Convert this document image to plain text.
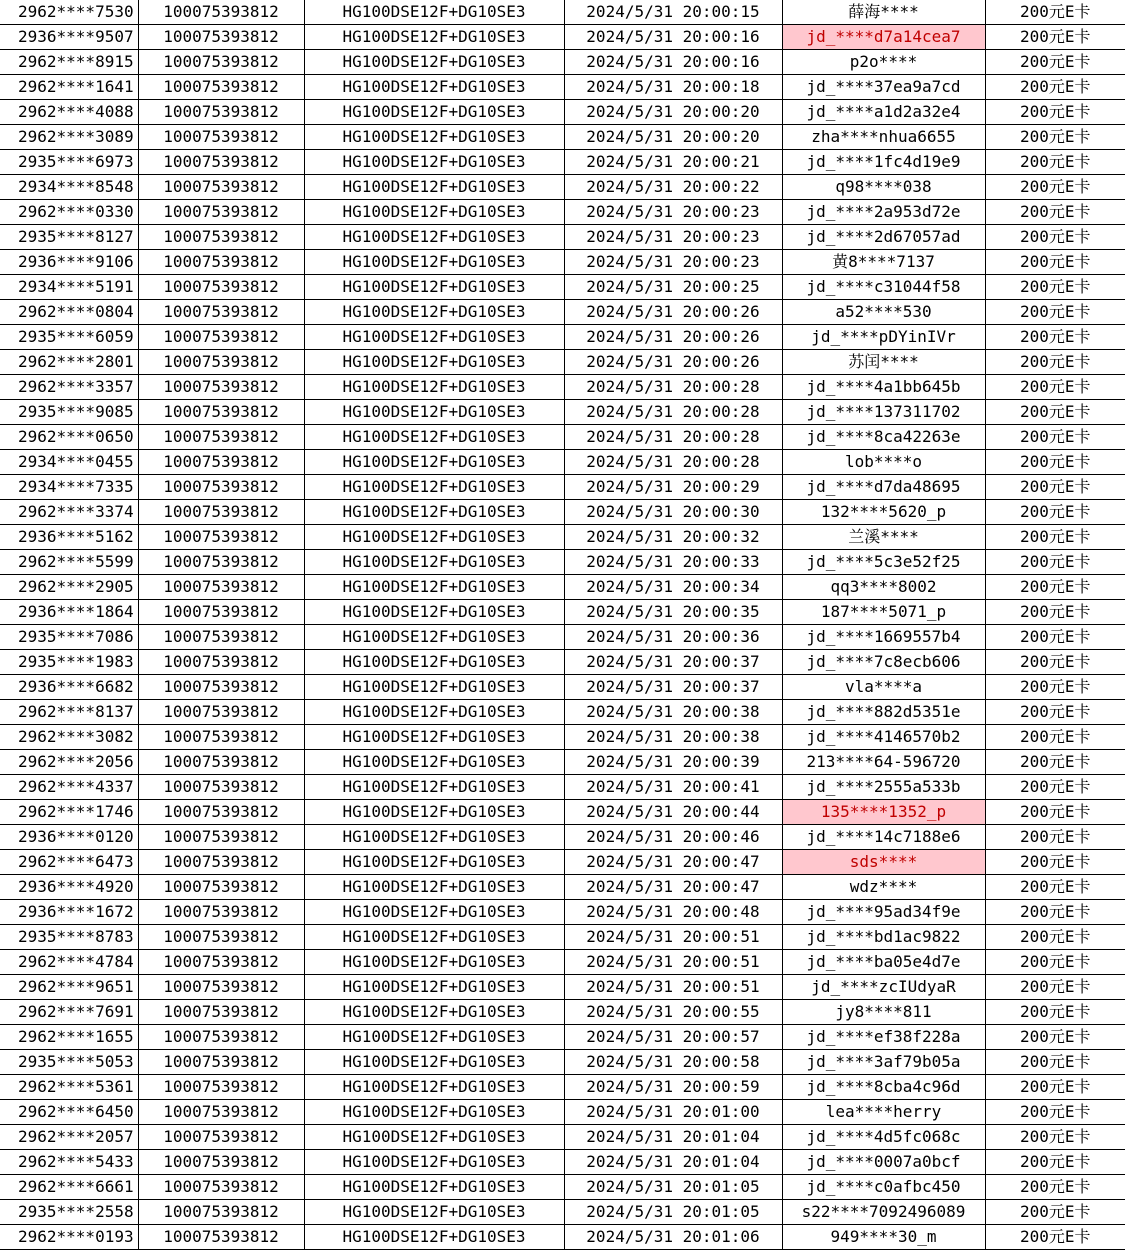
2962****7530	100075393812	HG100DSE12F+DG10SE3	2024/5/31 20:00:15	薛海****	200元E卡
2936****9507	100075393812	HG100DSE12F+DG10SE3	2024/5/31 20:00:16	jd_****d7a14cea7	200元E卡
2962****8915	100075393812	HG100DSE12F+DG10SE3	2024/5/31 20:00:16	p2o****	200元E卡
2962****1641	100075393812	HG100DSE12F+DG10SE3	2024/5/31 20:00:18	jd_****37ea9a7cd	200元E卡
2962****4088	100075393812	HG100DSE12F+DG10SE3	2024/5/31 20:00:20	jd_****a1d2a32e4	200元E卡
2962****3089	100075393812	HG100DSE12F+DG10SE3	2024/5/31 20:00:20	zha****nhua6655	200元E卡
2935****6973	100075393812	HG100DSE12F+DG10SE3	2024/5/31 20:00:21	jd_****1fc4d19e9	200元E卡
2934****8548	100075393812	HG100DSE12F+DG10SE3	2024/5/31 20:00:22	q98****038	200元E卡
2962****0330	100075393812	HG100DSE12F+DG10SE3	2024/5/31 20:00:23	jd_****2a953d72e	200元E卡
2935****8127	100075393812	HG100DSE12F+DG10SE3	2024/5/31 20:00:23	jd_****2d67057ad	200元E卡
2936****9106	100075393812	HG100DSE12F+DG10SE3	2024/5/31 20:00:23	黄8****7137	200元E卡
2934****5191	100075393812	HG100DSE12F+DG10SE3	2024/5/31 20:00:25	jd_****c31044f58	200元E卡
2962****0804	100075393812	HG100DSE12F+DG10SE3	2024/5/31 20:00:26	a52****530	200元E卡
2935****6059	100075393812	HG100DSE12F+DG10SE3	2024/5/31 20:00:26	jd_****pDYinIVr	200元E卡
2962****2801	100075393812	HG100DSE12F+DG10SE3	2024/5/31 20:00:26	苏闰****	200元E卡
2962****3357	100075393812	HG100DSE12F+DG10SE3	2024/5/31 20:00:28	jd_****4a1bb645b	200元E卡
2935****9085	100075393812	HG100DSE12F+DG10SE3	2024/5/31 20:00:28	jd_****137311702	200元E卡
2962****0650	100075393812	HG100DSE12F+DG10SE3	2024/5/31 20:00:28	jd_****8ca42263e	200元E卡
2934****0455	100075393812	HG100DSE12F+DG10SE3	2024/5/31 20:00:28	lob****o	200元E卡
2934****7335	100075393812	HG100DSE12F+DG10SE3	2024/5/31 20:00:29	jd_****d7da48695	200元E卡
2962****3374	100075393812	HG100DSE12F+DG10SE3	2024/5/31 20:00:30	132****5620_p	200元E卡
2936****5162	100075393812	HG100DSE12F+DG10SE3	2024/5/31 20:00:32	兰溪****	200元E卡
2962****5599	100075393812	HG100DSE12F+DG10SE3	2024/5/31 20:00:33	jd_****5c3e52f25	200元E卡
2962****2905	100075393812	HG100DSE12F+DG10SE3	2024/5/31 20:00:34	qq3****8002	200元E卡
2936****1864	100075393812	HG100DSE12F+DG10SE3	2024/5/31 20:00:35	187****5071_p	200元E卡
2935****7086	100075393812	HG100DSE12F+DG10SE3	2024/5/31 20:00:36	jd_****1669557b4	200元E卡
2935****1983	100075393812	HG100DSE12F+DG10SE3	2024/5/31 20:00:37	jd_****7c8ecb606	200元E卡
2936****6682	100075393812	HG100DSE12F+DG10SE3	2024/5/31 20:00:37	vla****a	200元E卡
2962****8137	100075393812	HG100DSE12F+DG10SE3	2024/5/31 20:00:38	jd_****882d5351e	200元E卡
2962****3082	100075393812	HG100DSE12F+DG10SE3	2024/5/31 20:00:38	jd_****4146570b2	200元E卡
2962****2056	100075393812	HG100DSE12F+DG10SE3	2024/5/31 20:00:39	213****64-596720	200元E卡
2962****4337	100075393812	HG100DSE12F+DG10SE3	2024/5/31 20:00:41	jd_****2555a533b	200元E卡
2962****1746	100075393812	HG100DSE12F+DG10SE3	2024/5/31 20:00:44	135****1352_p	200元E卡
2936****0120	100075393812	HG100DSE12F+DG10SE3	2024/5/31 20:00:46	jd_****14c7188e6	200元E卡
2962****6473	100075393812	HG100DSE12F+DG10SE3	2024/5/31 20:00:47	sds****	200元E卡
2936****4920	100075393812	HG100DSE12F+DG10SE3	2024/5/31 20:00:47	wdz****	200元E卡
2936****1672	100075393812	HG100DSE12F+DG10SE3	2024/5/31 20:00:48	jd_****95ad34f9e	200元E卡
2935****8783	100075393812	HG100DSE12F+DG10SE3	2024/5/31 20:00:51	jd_****bd1ac9822	200元E卡
2962****4784	100075393812	HG100DSE12F+DG10SE3	2024/5/31 20:00:51	jd_****ba05e4d7e	200元E卡
2962****9651	100075393812	HG100DSE12F+DG10SE3	2024/5/31 20:00:51	jd_****zcIUdyaR	200元E卡
2962****7691	100075393812	HG100DSE12F+DG10SE3	2024/5/31 20:00:55	jy8****811	200元E卡
2962****1655	100075393812	HG100DSE12F+DG10SE3	2024/5/31 20:00:57	jd_****ef38f228a	200元E卡
2935****5053	100075393812	HG100DSE12F+DG10SE3	2024/5/31 20:00:58	jd_****3af79b05a	200元E卡
2962****5361	100075393812	HG100DSE12F+DG10SE3	2024/5/31 20:00:59	jd_****8cba4c96d	200元E卡
2962****6450	100075393812	HG100DSE12F+DG10SE3	2024/5/31 20:01:00	lea****herry	200元E卡
2962****2057	100075393812	HG100DSE12F+DG10SE3	2024/5/31 20:01:04	jd_****4d5fc068c	200元E卡
2962****5433	100075393812	HG100DSE12F+DG10SE3	2024/5/31 20:01:04	jd_****0007a0bcf	200元E卡
2962****6661	100075393812	HG100DSE12F+DG10SE3	2024/5/31 20:01:05	jd_****c0afbc450	200元E卡
2935****2558	100075393812	HG100DSE12F+DG10SE3	2024/5/31 20:01:05	s22****7092496089	200元E卡
2962****0193	100075393812	HG100DSE12F+DG10SE3	2024/5/31 20:01:06	949****30_m	200元E卡
